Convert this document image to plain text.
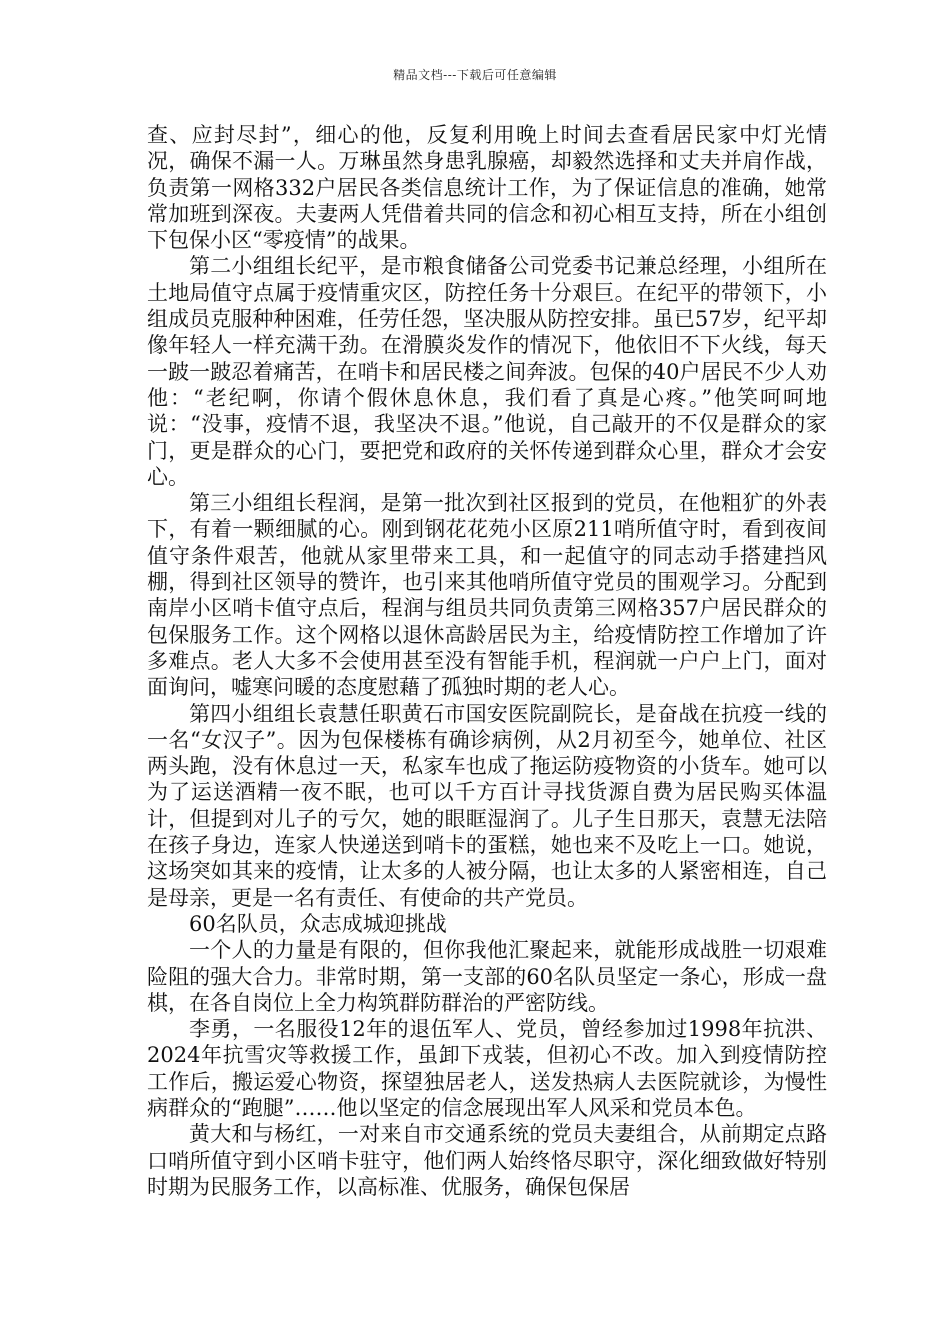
精品文档---下载后可任意编辑

查、应封尽封”，细心的他，反复利用晚上时间去查看居民家中灯光情况，确保不漏一人。万琳虽然身患乳腺癌，却毅然选择和丈夫并肩作战，负责第一网格332户居民各类信息统计工作，为了保证信息的准确，她常常加班到深夜。夫妻两人凭借着共同的信念和初心相互支持，所在小组创下包保小区“零疫情”的战果。

第二小组组长纪平，是市粮食储备公司党委书记兼总经理，小组所在土地局值守点属于疫情重灾区，防控任务十分艰巨。在纪平的带领下，小组成员克服种种困难，任劳任怨，坚决服从防控安排。虽已57岁，纪平却像年轻人一样充满干劲。在滑膜炎发作的情况下，他依旧不下火线，每天一跛一跛忍着痛苦，在哨卡和居民楼之间奔波。包保的40户居民不少人劝他：“老纪啊，你请个假休息休息，我们看了真是心疼。”他笑呵呵地说：“没事，疫情不退，我坚决不退。”他说，自己敲开的不仅是群众的家门，更是群众的心门，要把党和政府的关怀传递到群众心里，群众才会安心。

第三小组组长程润，是第一批次到社区报到的党员，在他粗犷的外表下，有着一颗细腻的心。刚到钢花花苑小区原211哨所值守时，看到夜间值守条件艰苦，他就从家里带来工具，和一起值守的同志动手搭建挡风棚，得到社区领导的赞许，也引来其他哨所值守党员的围观学习。分配到南岸小区哨卡值守点后，程润与组员共同负责第三网格357户居民群众的包保服务工作。这个网格以退休高龄居民为主，给疫情防控工作增加了许多难点。老人大多不会使用甚至没有智能手机，程润就一户户上门，面对面询问，嘘寒问暖的态度慰藉了孤独时期的老人心。

第四小组组长袁慧任职黄石市国安医院副院长，是奋战在抗疫一线的一名“女汉子”。因为包保楼栋有确诊病例，从2月初至今，她单位、社区两头跑，没有休息过一天，私家车也成了拖运防疫物资的小货车。她可以为了运送酒精一夜不眠，也可以千方百计寻找货源自费为居民购买体温计，但提到对儿子的亏欠，她的眼眶湿润了。儿子生日那天，袁慧无法陪在孩子身边，连家人快递送到哨卡的蛋糕，她也来不及吃上一口。她说，这场突如其来的疫情，让太多的人被分隔，也让太多的人紧密相连，自己是母亲，更是一名有责任、有使命的共产党员。

60名队员，众志成城迎挑战

一个人的力量是有限的，但你我他汇聚起来，就能形成战胜一切艰难险阻的强大合力。非常时期，第一支部的60名队员坚定一条心，形成一盘棋，在各自岗位上全力构筑群防群治的严密防线。

李勇，一名服役12年的退伍军人、党员，曾经参加过1998年抗洪、2024年抗雪灾等救援工作，虽卸下戎装，但初心不改。加入到疫情防控工作后，搬运爱心物资，探望独居老人，送发热病人去医院就诊，为慢性病群众的“跑腿”……他以坚定的信念展现出军人风采和党员本色。

黄大和与杨红，一对来自市交通系统的党员夫妻组合，从前期定点路口哨所值守到小区哨卡驻守，他们两人始终恪尽职守，深化细致做好特别时期为民服务工作，以高标准、优服务，确保包保居
